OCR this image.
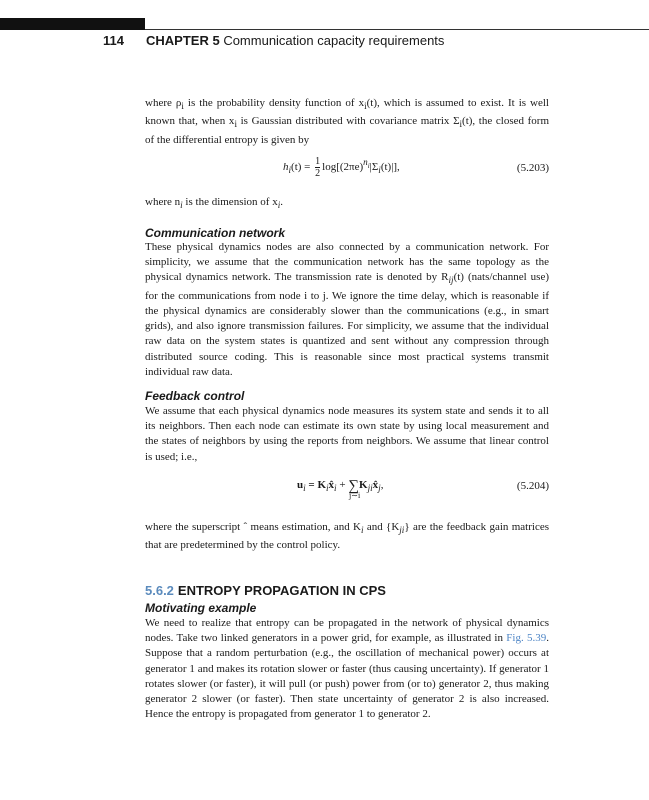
114 CHAPTER 5 Communication capacity requirements

where $\rho_i$ is the probability density function of $x_i(t)$, which is assumed to exist. It is well known that, when $x_i$ is Gaussian distributed with covariance matrix $\Sigma_i(t)$, the closed form of the differential entropy is given by

$h_i(t) = \frac{1}{2} \log[(2\pi e)^{n_i}|\Sigma_i(t)|]$,	(5.203)
where $n_i$ is the dimension of $x_i$.
Communication network

These physical dynamics nodes are also connected by a communication network. For simplicity, we assume that the communication network has the same topology as the physical dynamics network. The transmission rate is denoted by $R_{ij}(t)$ (nats/channel use) for the communications from node i to j. We ignore the time delay, which is reasonable if the physical dynamics are considerably slower than the communications (e.g., in smart grids), and also ignore transmission failures. For simplicity, we assume that the individual raw data on the system states is quantized and sent without any compression through distributed source coding. This is reasonable since most practical systems transmit individual raw data.

Feedback control

We assume that each physical dynamics node measures its system state and sends it to all its neighbors. Then each node can estimate its own state by using local measurement and the states of neighbors by using the reports from neighbors. We assume that linear control is used; i.e.,

$u_i$ = $K_ix̂_i$ + $\sum j\sim iK_{ji}x̂_j$,	(5.204)

where the superscript ˆ means estimation, and $K_i$ and $\{K_{ji}\}$ are the feedback gain matrices that are predetermined by the control policy.

5.6.2 ENTROPY PROPAGATION IN CPS
Motivating example

We need to realize that entropy can be propagated in the network of physical dynamics nodes. Take two linked generators in a power grid, for example, as illustrated in Fig. 5.39. Suppose that a random perturbation (e.g., the oscillation of mechanical power) occurs at generator 1 and makes its rotation slower or faster (thus causing uncertainty). If generator 1 rotates slower (or faster), it will pull (or push) power from (or to) generator 2, thus making generator 2 slower (or faster). Then state uncertainty of generator 2 is also increased. Hence the entropy is propagated from generator 1 to generator 2.
